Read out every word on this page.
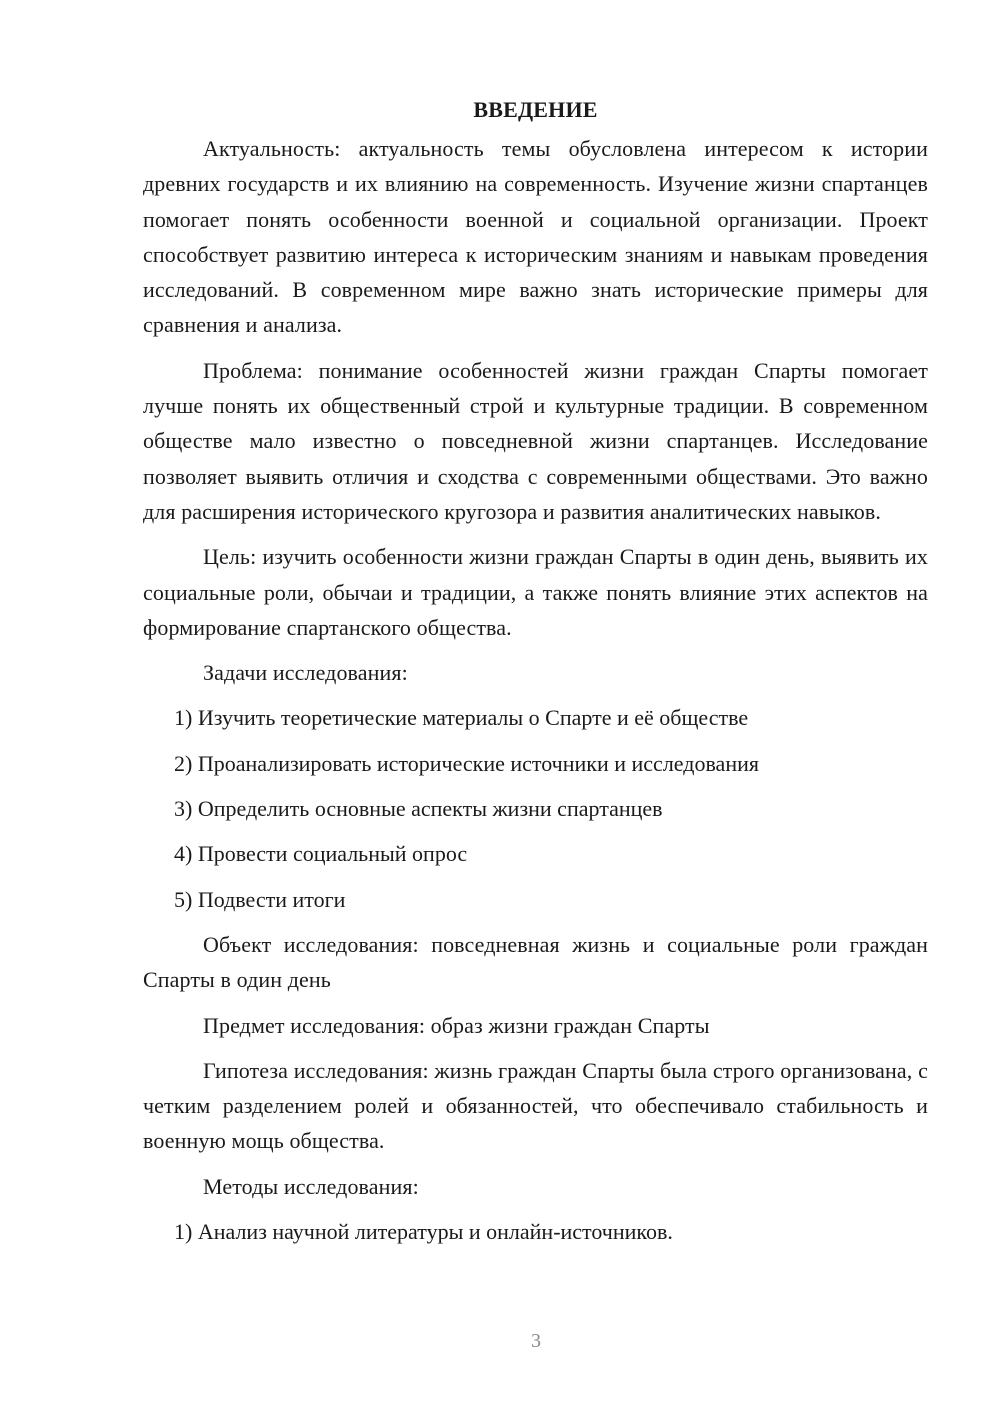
ВВЕДЕНИЕ

Актуальность: актуальность темы обусловлена интересом к истории древних государств и их влиянию на современность. Изучение жизни спартанцев помогает понять особенности военной и социальной организации. Проект способствует развитию интереса к историческим знаниям и навыкам проведения исследований. В современном мире важно знать исторические примеры для сравнения и анализа.

Проблема: понимание особенностей жизни граждан Спарты помогает лучше понять их общественный строй и культурные традиции. В современном обществе мало известно о повседневной жизни спартанцев. Исследование позволяет выявить отличия и сходства с современными обществами. Это важно для расширения исторического кругозора и развития аналитических навыков.

Цель: изучить особенности жизни граждан Спарты в один день, выявить их социальные роли, обычаи и традиции, а также понять влияние этих аспектов на формирование спартанского общества.

Задачи исследования:

1) Изучить теоретические материалы о Спарте и её обществе

2) Проанализировать исторические источники и исследования

3) Определить основные аспекты жизни спартанцев

4) Провести социальный опрос

5) Подвести итоги

Объект исследования: повседневная жизнь и социальные роли граждан Спарты в один день

Предмет исследования: образ жизни граждан Спарты

Гипотеза исследования: жизнь граждан Спарты была строго организована, с четким разделением ролей и обязанностей, что обеспечивало стабильность и военную мощь общества.

Методы исследования:

1) Анализ научной литературы и онлайн-источников.

3
